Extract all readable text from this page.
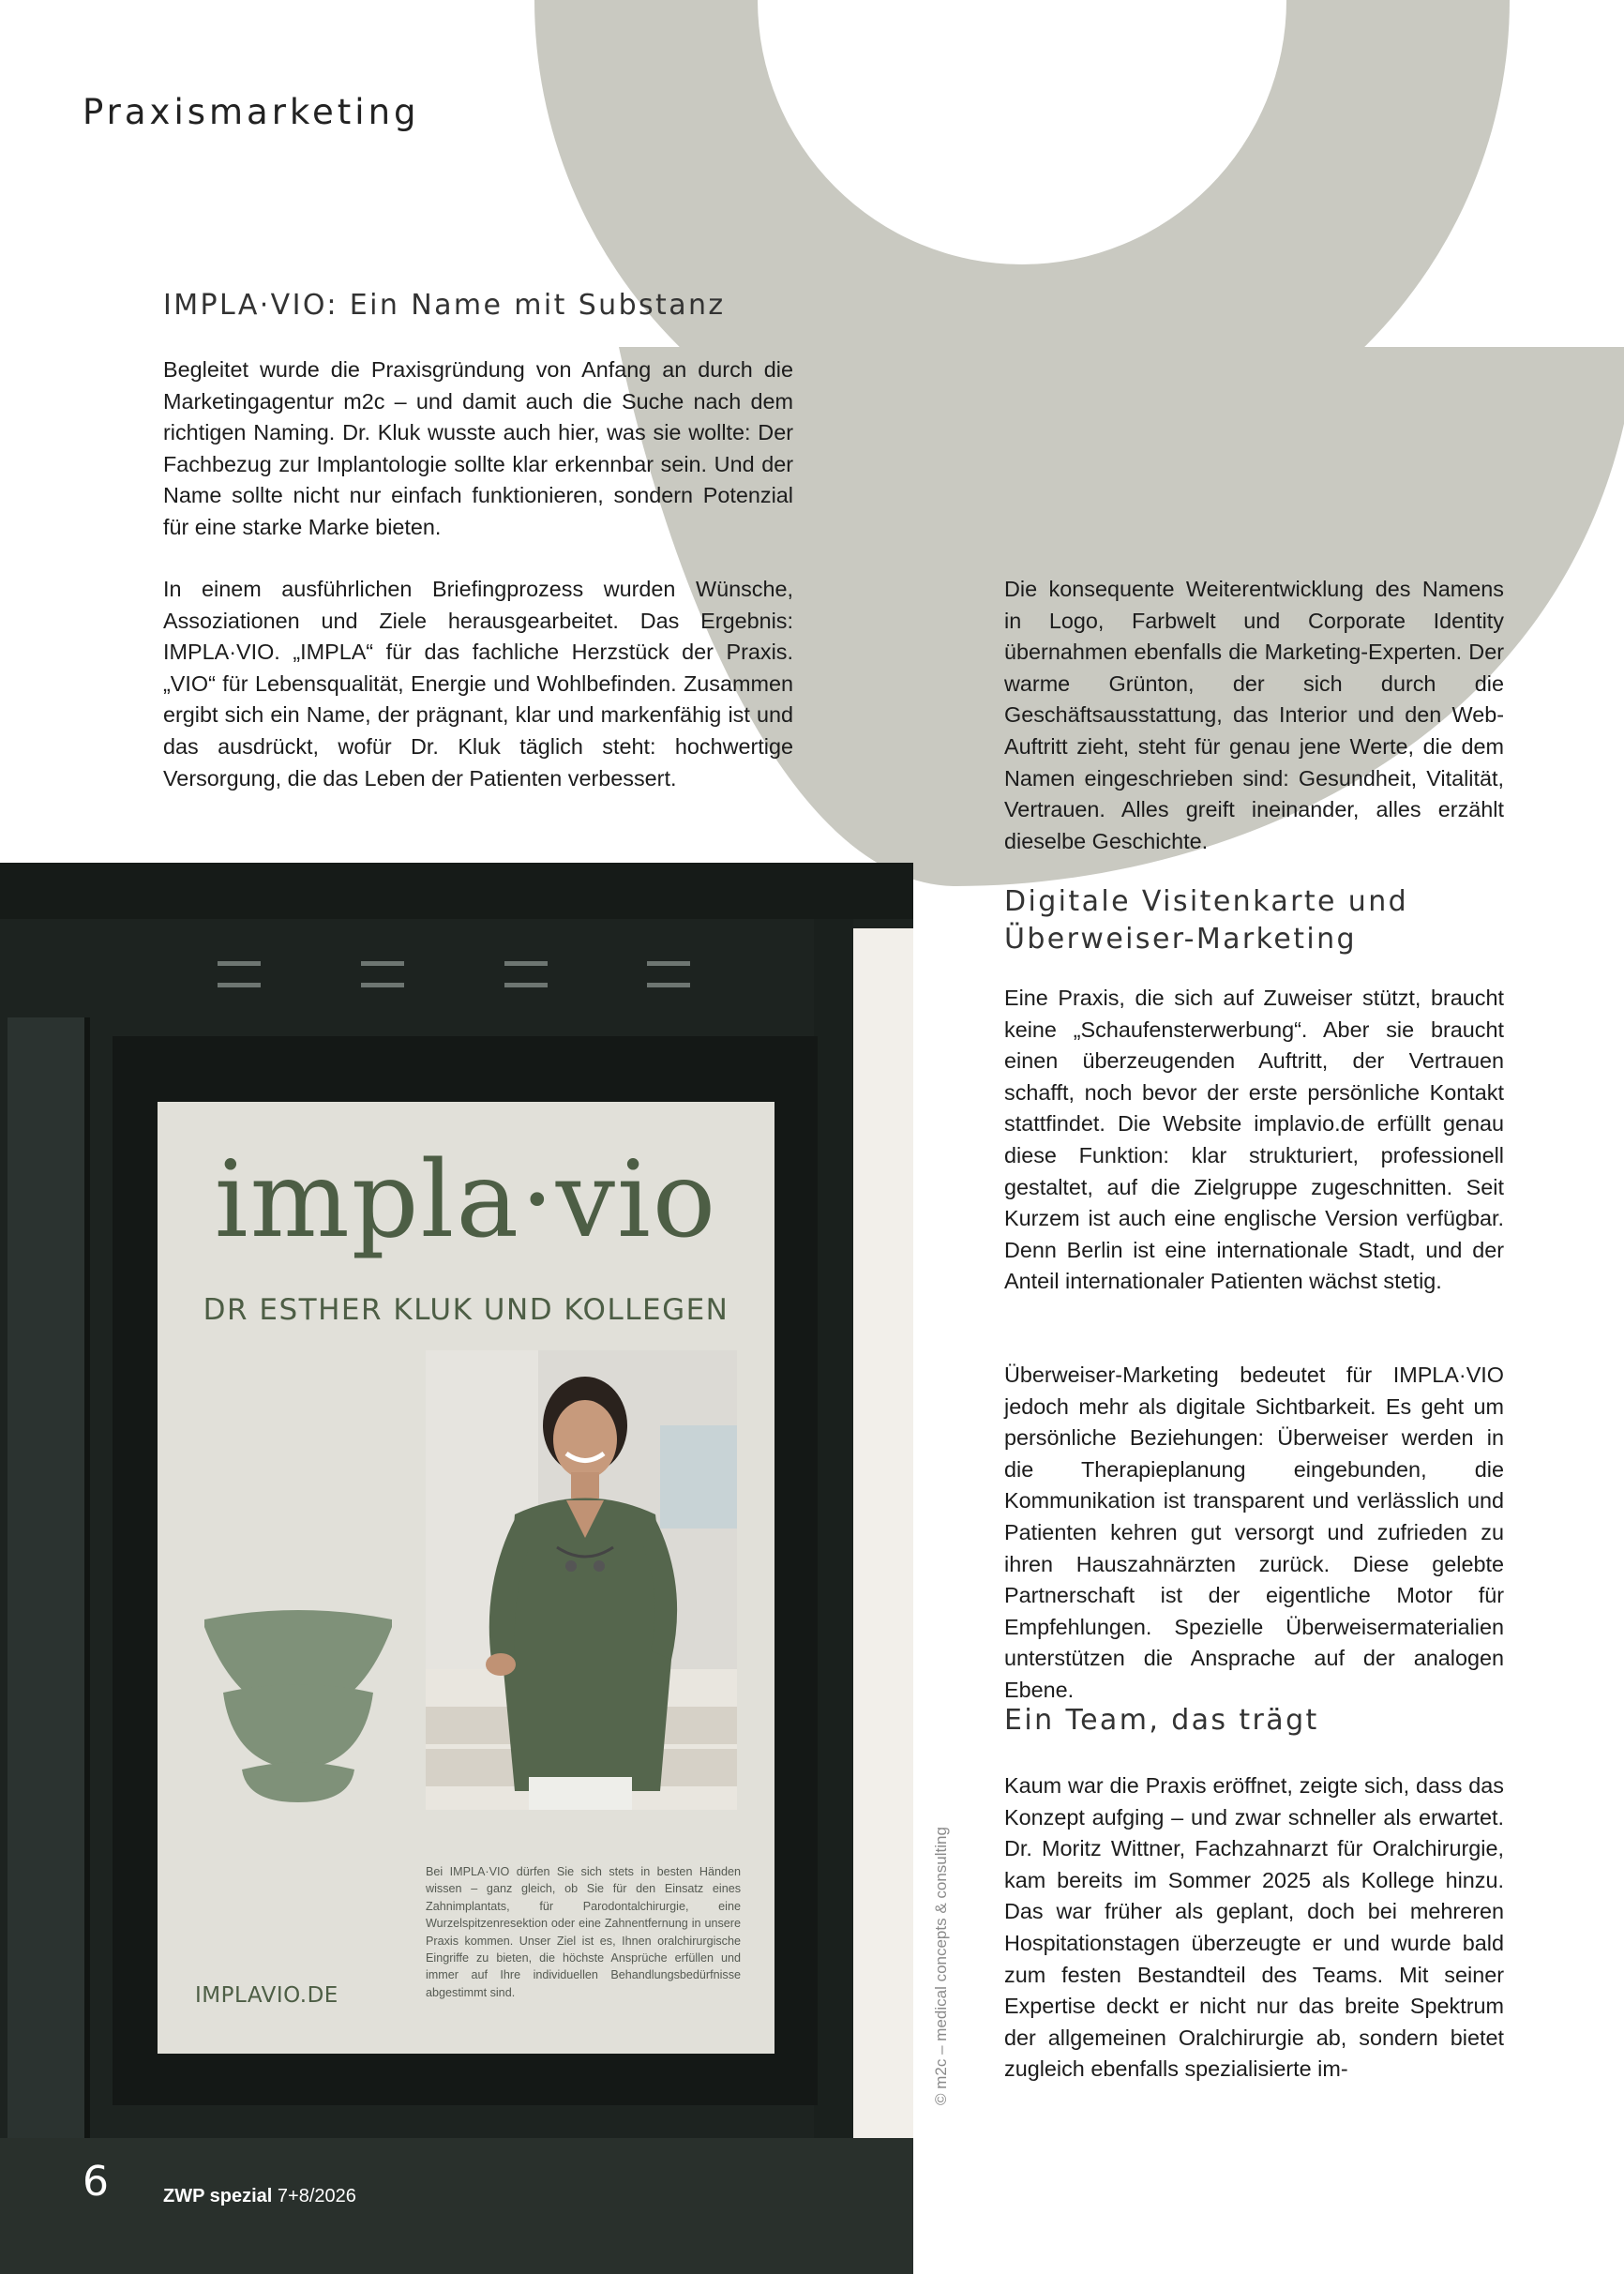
Praxismarketing
IMPLA·VIO: Ein Name mit Substanz

Begleitet wurde die Praxisgründung von Anfang an durch die Marketingagentur m2c – und damit auch die Suche nach dem richtigen Naming. Dr. Kluk wusste auch hier, was sie wollte: Der Fachbezug zur Implantologie sollte klar erkennbar sein. Und der Name sollte nicht nur einfach funktionieren, sondern Potenzial für eine starke Marke bieten.

In einem ausführlichen Briefingprozess wurden Wünsche, Assoziationen und Ziele herausgearbeitet. Das Ergebnis: IMPLA·VIO. „IMPLA“ für das fachliche Herzstück der Praxis. „VIO“ für Lebensqualität, Energie und Wohlbefinden. Zusammen ergibt sich ein Name, der prägnant, klar und markenfähig ist und das ausdrückt, wofür Dr. Kluk täglich steht: hochwertige Versorgung, die das Leben der Patienten verbessert.

Die konsequente Weiterentwicklung des Namens in Logo, Farbwelt und Corporate Identity übernahmen ebenfalls die Marketing-Experten. Der warme Grünton, der sich durch die Geschäftsausstattung, das Interior und den Web-Auftritt zieht, steht für genau jene Werte, die dem Namen eingeschrieben sind: Gesundheit, Vitalität, Vertrauen. Alles greift ineinander, alles erzählt dieselbe Geschichte.

Digitale Visitenkarte und
Überweiser-Marketing

Eine Praxis, die sich auf Zuweiser stützt, braucht keine „Schaufensterwerbung“. Aber sie braucht einen überzeugenden Auftritt, der Vertrauen schafft, noch bevor der erste persönliche Kontakt stattfindet. Die Website implavio.de erfüllt genau diese Funktion: klar strukturiert, professionell gestaltet, auf die Zielgruppe zugeschnitten. Seit Kurzem ist auch eine englische Version verfügbar. Denn Berlin ist eine internationale Stadt, und der Anteil internationaler Patienten wächst stetig.

Überweiser-Marketing bedeutet für IMPLA·VIO jedoch mehr als digitale Sichtbarkeit. Es geht um persönliche Beziehungen: Überweiser werden in die Therapieplanung eingebunden, die Kommunikation ist transparent und verlässlich und Patienten kehren gut versorgt und zufrieden zu ihren Hauszahnärzten zurück. Diese gelebte Partnerschaft ist der eigentliche Motor für Empfehlungen. Spezielle Überweisermaterialien unterstützen die Ansprache auf der analogen Ebene.

Ein Team, das trägt

Kaum war die Praxis eröffnet, zeigte sich, dass das Konzept aufging – und zwar schneller als erwartet. Dr. Moritz Wittner, Fachzahnarzt für Oralchirurgie, kam bereits im Sommer 2025 als Kollege hinzu. Das war früher als geplant, doch bei mehreren Hospitationstagen überzeugte er und wurde bald zum festen Bestandteil des Teams. Mit seiner Expertise deckt er nicht nur das breite Spektrum der allgemeinen Oralchirurgie ab, sondern bietet zugleich ebenfalls spezialisierte im-

impla·vio
DR ESTHER KLUK UND KOLLEGEN
Bei IMPLA·VIO dürfen Sie sich stets in besten Händen wissen – ganz gleich, ob Sie für den Einsatz eines Zahnimplantats, für Parodontalchirurgie, eine Wurzelspitzenresektion oder eine Zahnentfernung in unsere Praxis kommen. Unser Ziel ist es, Ihnen oralchirurgische Eingriffe zu bieten, die höchste Ansprüche erfüllen und immer auf Ihre individuellen Behandlungsbedürfnisse abgestimmt sind.
IMPLAVIO.DE	© m2c – medical concepts & consulting
6	ZWP spezial 7+8/2026
